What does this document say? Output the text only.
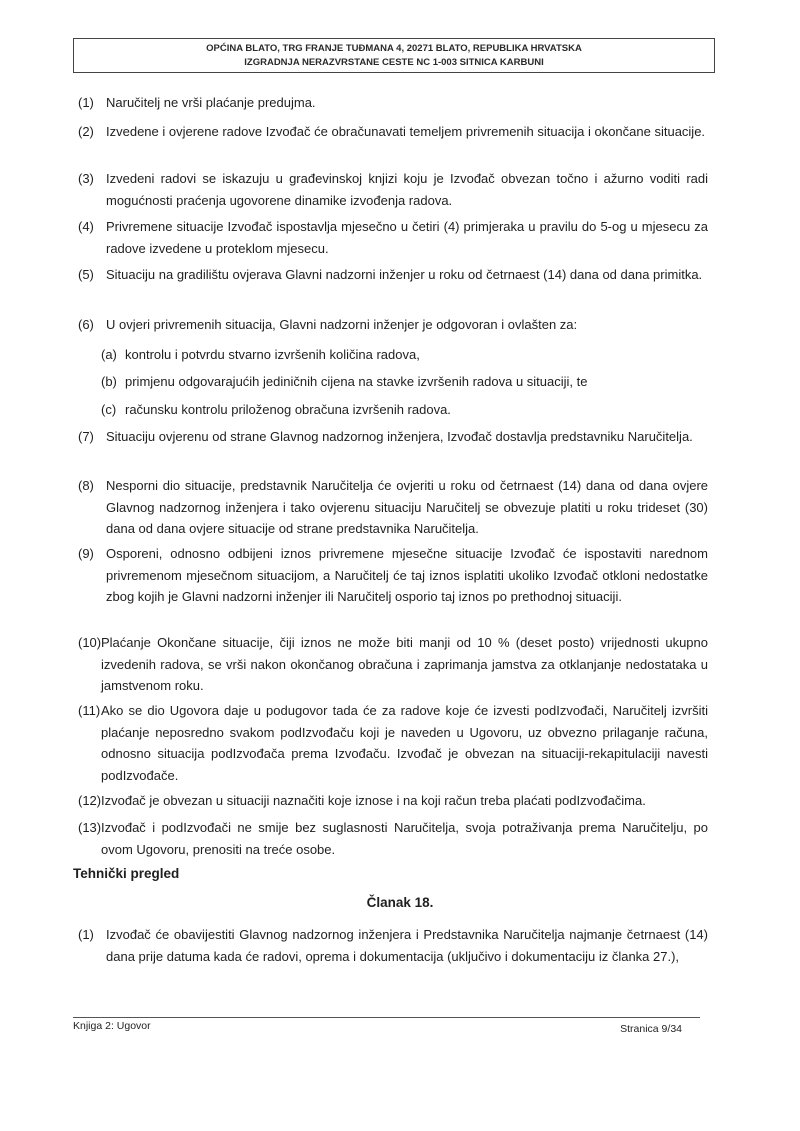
OPĆINA BLATO, TRG FRANJE TUĐMANA 4, 20271 BLATO, REPUBLIKA HRVATSKA
IZGRADNJA NERAZVRSTANE CESTE NC 1-003 SITNICA KARBUNI
(1) Naručitelj ne vrši plaćanje predujma.
(2) Izvedene i ovjerene radove Izvođač će obračunavati temeljem privremenih situacija i okončane situacije.
(3) Izvedeni radovi se iskazuju u građevinskoj knjizi koju je Izvođač obvezan točno i ažurno voditi radi mogućnosti praćenja ugovorene dinamike izvođenja radova.
(4) Privremene situacije Izvođač ispostavlja mjesečno u četiri (4) primjeraka u pravilu do 5-og u mjesecu za radove izvedene u proteklom mjesecu.
(5) Situaciju na gradilištu ovjerava Glavni nadzorni inženjer u roku od četrnaest (14) dana od dana primitka.
(6) U ovjeri privremenih situacija, Glavni nadzorni inženjer je odgovoran i ovlašten za:
(a) kontrolu i potvrdu stvarno izvršenih količina radova,
(b) primjenu odgovarajućih jediničnih cijena na stavke izvršenih radova u situaciji, te
(c) računsku kontrolu priloženog obračuna izvršenih radova.
(7) Situaciju ovjerenu od strane Glavnog nadzornog inženjera, Izvođač dostavlja predstavniku Naručitelja.
(8) Nesporni dio situacije, predstavnik Naručitelja će ovjeriti u roku od četrnaest (14) dana od dana ovjere Glavnog nadzornog inženjera i tako ovjerenu situaciju Naručitelj se obvezuje platiti u roku trideset (30) dana od dana ovjere situacije od strane predstavnika Naručitelja.
(9) Osporeni, odnosno odbijeni iznos privremene mjesečne situacije Izvođač će ispostaviti narednom privremenom mjesečnom situacijom, a Naručitelj će taj iznos isplatiti ukoliko Izvođač otkloni nedostatke zbog kojih je Glavni nadzorni inženjer ili Naručitelj osporio taj iznos po prethodnoj situaciji.
(10) Plaćanje Okončane situacije, čiji iznos ne može biti manji od 10 % (deset posto) vrijednosti ukupno izvedenih radova, se vrši nakon okončanog obračuna i zaprimanja jamstva za otklanjanje nedostataka u jamstvenom roku.
(11) Ako se dio Ugovora daje u podugovor tada će za radove koje će izvesti podIzvođači, Naručitelj izvršiti plaćanje neposredno svakom podIzvođaču koji je naveden u Ugovoru, uz obvezno prilaganje računa, odnosno situacija podIzvođača prema Izvođaču. Izvođač je obvezan na situaciji-rekapitulaciji navesti podIzvođače.
(12) Izvođač je obvezan u situaciji naznačiti koje iznose i na koji račun treba plaćati podIzvođačima.
(13) Izvođač i podIzvođači ne smije bez suglasnosti Naručitelja, svoja potraživanja prema Naručitelju, po ovom Ugovoru, prenositi na treće osobe.
Tehnički pregled
Članak 18.
(1) Izvođač će obavijestiti Glavnog nadzornog inženjera i Predstavnika Naručitelja najmanje četrnaest (14) dana prije datuma kada će radovi, oprema i dokumentacija (uključivo i dokumentaciju iz članka 27.),
Knjiga 2: Ugovor	Stranica 9/34
